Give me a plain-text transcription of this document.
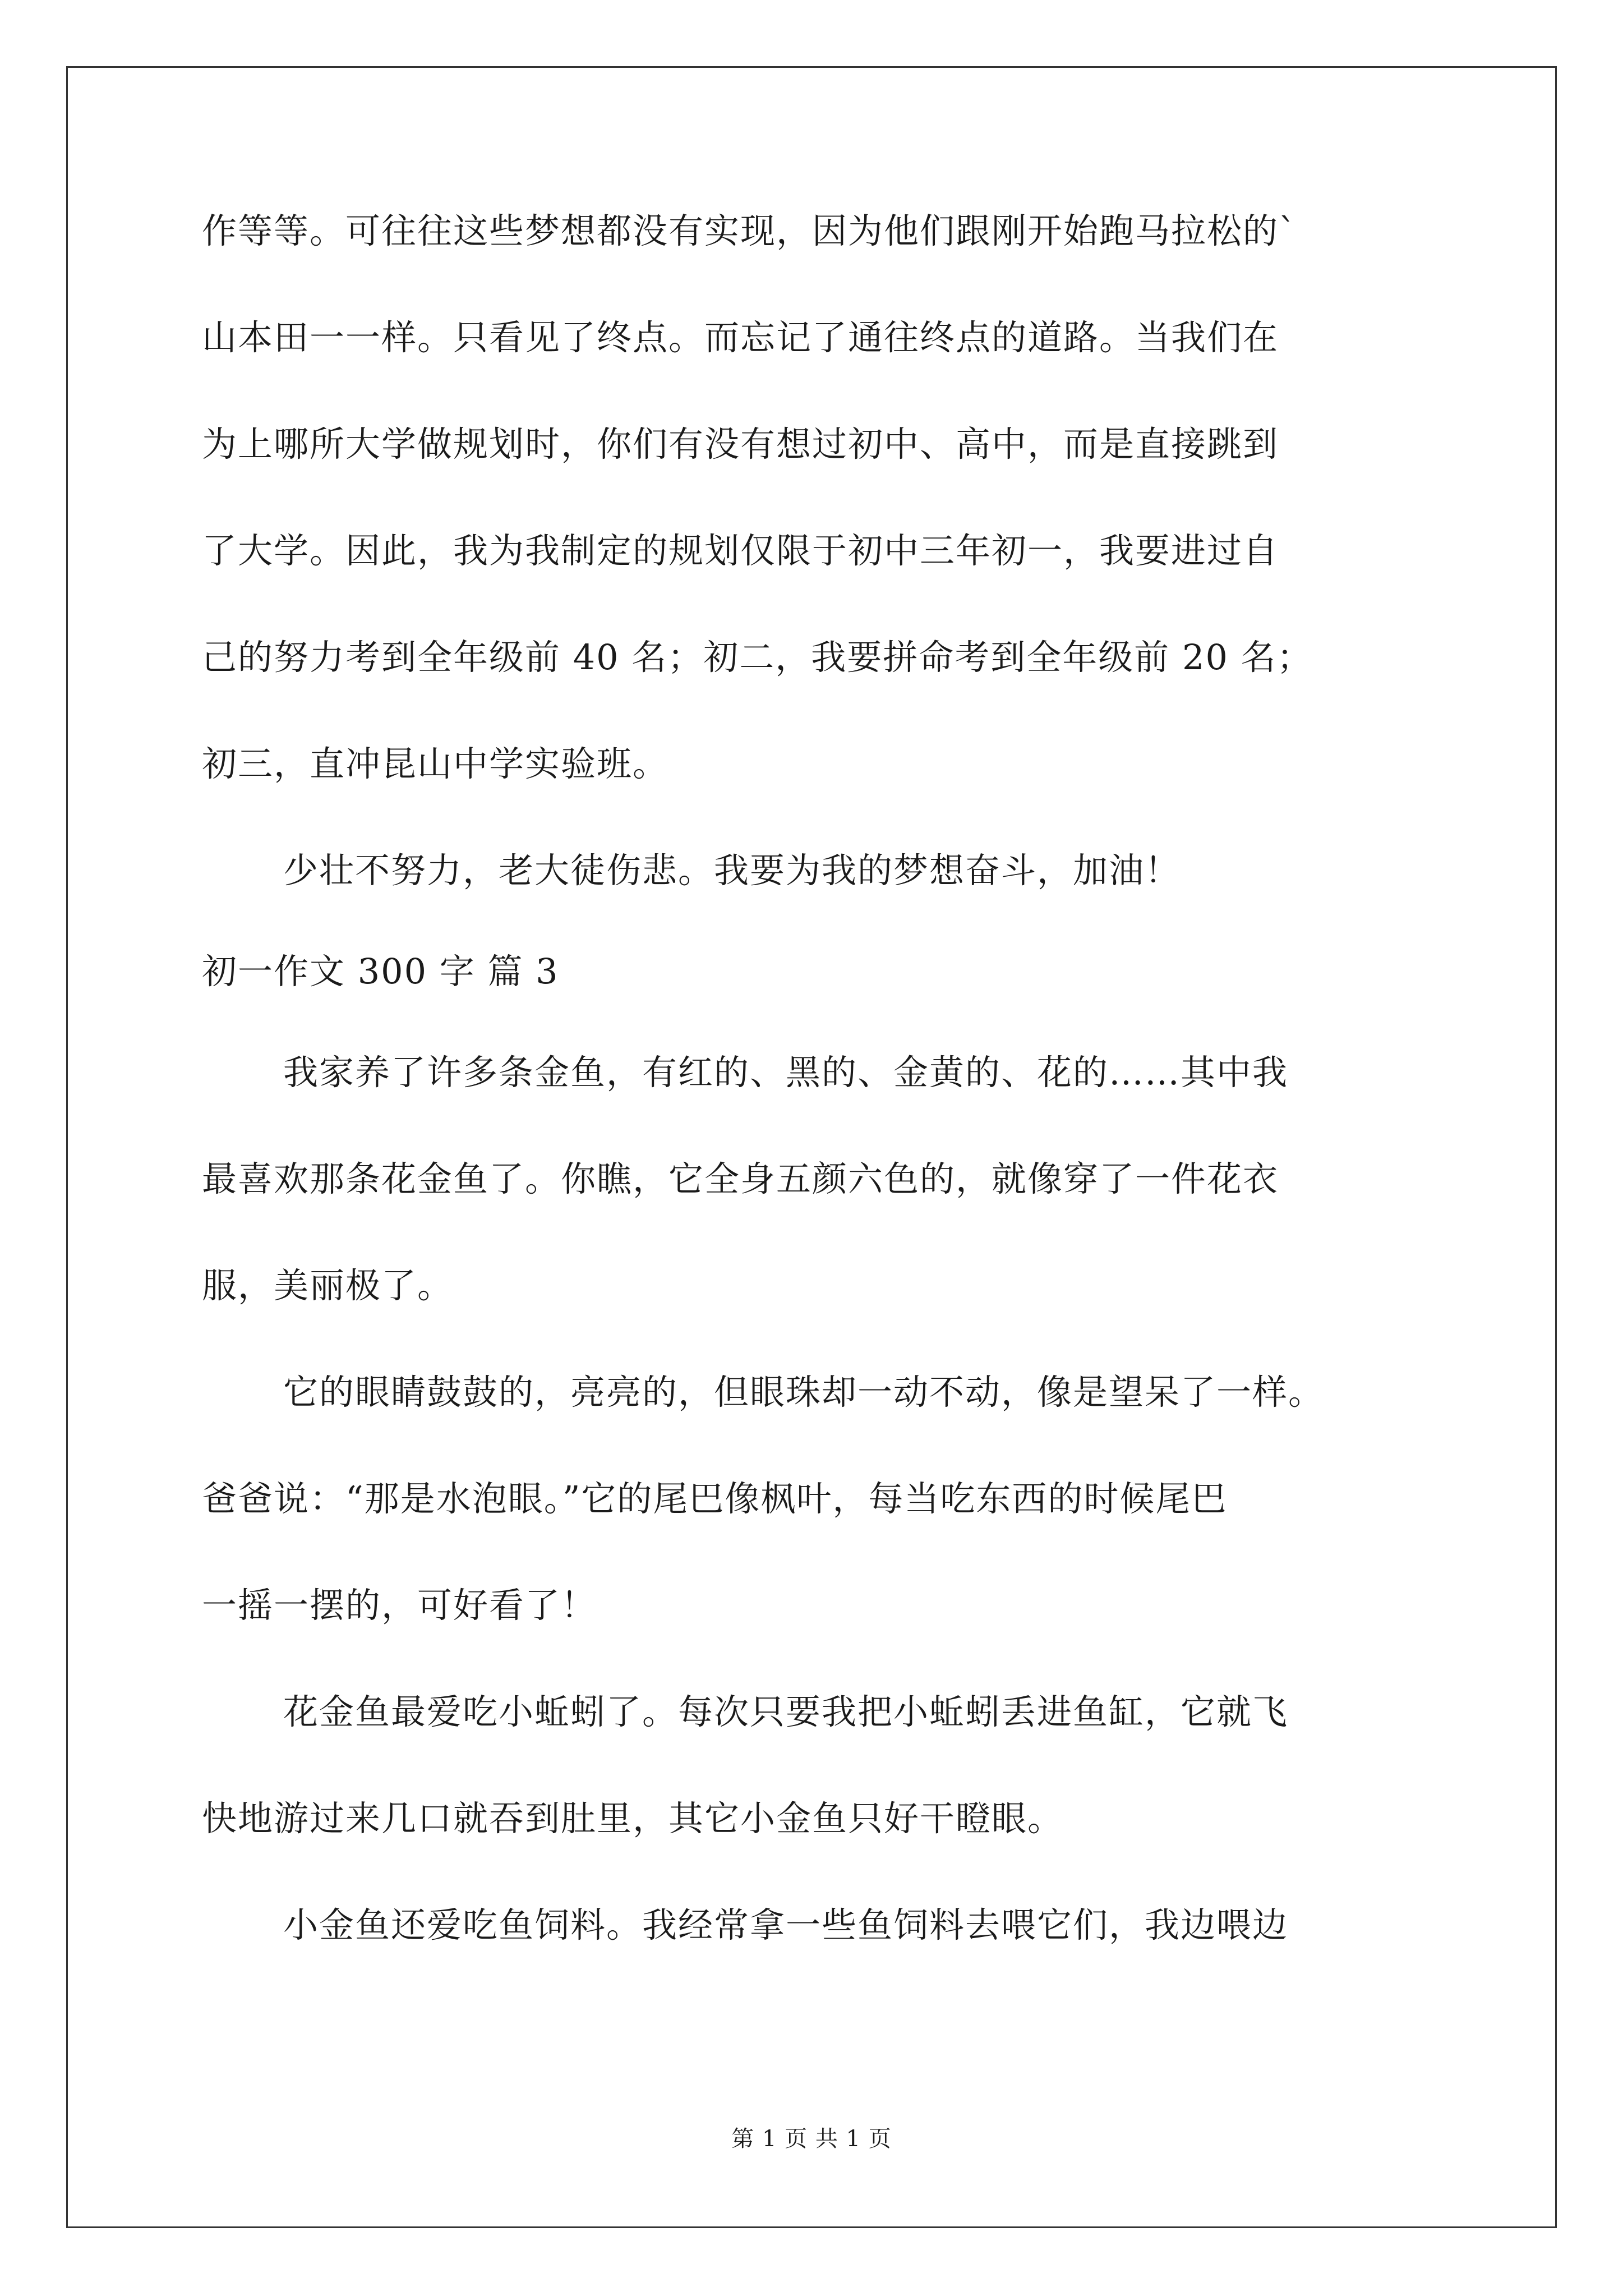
作等等。可往往这些梦想都没有实现，因为他们跟刚开始跑马拉松的`
山本田一一样。只看见了终点。而忘记了通往终点的道路。当我们在
为上哪所大学做规划时，你们有没有想过初中、高中，而是直接跳到
了大学。因此，我为我制定的规划仅限于初中三年初一，我要进过自
己的努力考到全年级前 40 名；初二，我要拼命考到全年级前 20 名；
初三，直冲昆山中学实验班。
少壮不努力，老大徒伤悲。我要为我的梦想奋斗，加油！
初一作文 300 字 篇 3
我家养了许多条金鱼，有红的、黑的、金黄的、花的……其中我
最喜欢那条花金鱼了。你瞧，它全身五颜六色的，就像穿了一件花衣
服，美丽极了。
它的眼睛鼓鼓的，亮亮的，但眼珠却一动不动，像是望呆了一样。
爸爸说：“那是水泡眼。”它的尾巴像枫叶，每当吃东西的时候尾巴
一摇一摆的，可好看了！
花金鱼最爱吃小蚯蚓了。每次只要我把小蚯蚓丢进鱼缸，它就飞
快地游过来几口就吞到肚里，其它小金鱼只好干瞪眼。
小金鱼还爱吃鱼饲料。我经常拿一些鱼饲料去喂它们，我边喂边
第 1 页 共 1 页
